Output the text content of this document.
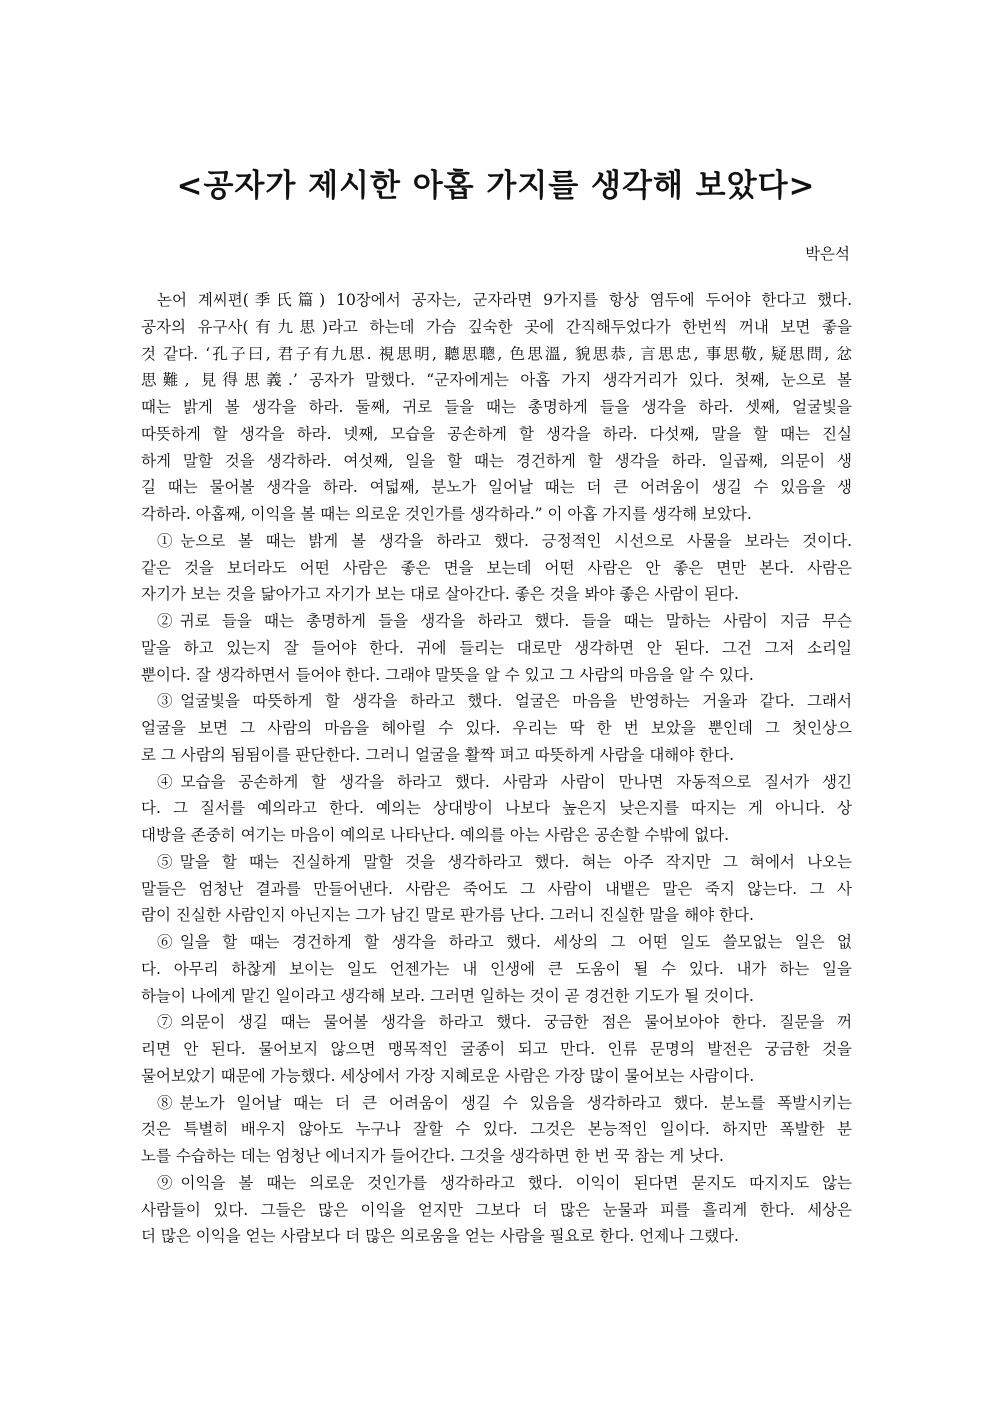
<공자가 제시한 아홉 가지를 생각해 보았다>
박은석
논어 계씨편(季氏篇) 10장에서 공자는, 군자라면 9가지를 항상 염두에 두어야 한다고 했다.
공자의 유구사(有九思)라고 하는데 가슴 깊숙한 곳에 간직해두었다가 한번씩 꺼내 보면 좋을
것 같다. ‘孔子曰, 君子有九思. 視思明, 聽思聰, 色思溫, 貌思恭, 言思忠, 事思敬, 疑思問, 忿
思難, 見得思義.’ 공자가 말했다. “군자에게는 아홉 가지 생각거리가 있다. 첫째, 눈으로 볼
때는 밝게 볼 생각을 하라. 둘째, 귀로 들을 때는 총명하게 들을 생각을 하라. 셋째, 얼굴빛을
따뜻하게 할 생각을 하라. 넷째, 모습을 공손하게 할 생각을 하라. 다섯째, 말을 할 때는 진실
하게 말할 것을 생각하라. 여섯째, 일을 할 때는 경건하게 할 생각을 하라. 일곱째, 의문이 생
길 때는 물어볼 생각을 하라. 여덟째, 분노가 일어날 때는 더 큰 어려움이 생길 수 있음을 생
각하라. 아홉째, 이익을 볼 때는 의로운 것인가를 생각하라.” 이 아홉 가지를 생각해 보았다.
①눈으로 볼 때는 밝게 볼 생각을 하라고 했다. 긍정적인 시선으로 사물을 보라는 것이다.
같은 것을 보더라도 어떤 사람은 좋은 면을 보는데 어떤 사람은 안 좋은 면만 본다. 사람은
자기가 보는 것을 닮아가고 자기가 보는 대로 살아간다. 좋은 것을 봐야 좋은 사람이 된다.
②귀로 들을 때는 총명하게 들을 생각을 하라고 했다. 들을 때는 말하는 사람이 지금 무슨
말을 하고 있는지 잘 들어야 한다. 귀에 들리는 대로만 생각하면 안 된다. 그건 그저 소리일
뿐이다. 잘 생각하면서 들어야 한다. 그래야 말뜻을 알 수 있고 그 사람의 마음을 알 수 있다.
③얼굴빛을 따뜻하게 할 생각을 하라고 했다. 얼굴은 마음을 반영하는 거울과 같다. 그래서
얼굴을 보면 그 사람의 마음을 헤아릴 수 있다. 우리는 딱 한 번 보았을 뿐인데 그 첫인상으
로 그 사람의 됨됨이를 판단한다. 그러니 얼굴을 활짝 펴고 따뜻하게 사람을 대해야 한다.
④모습을 공손하게 할 생각을 하라고 했다. 사람과 사람이 만나면 자동적으로 질서가 생긴
다. 그 질서를 예의라고 한다. 예의는 상대방이 나보다 높은지 낮은지를 따지는 게 아니다. 상
대방을 존중히 여기는 마음이 예의로 나타난다. 예의를 아는 사람은 공손할 수밖에 없다.
⑤말을 할 때는 진실하게 말할 것을 생각하라고 했다. 혀는 아주 작지만 그 혀에서 나오는
말들은 엄청난 결과를 만들어낸다. 사람은 죽어도 그 사람이 내뱉은 말은 죽지 않는다. 그 사
람이 진실한 사람인지 아닌지는 그가 남긴 말로 판가름 난다. 그러니 진실한 말을 해야 한다.
⑥일을 할 때는 경건하게 할 생각을 하라고 했다. 세상의 그 어떤 일도 쓸모없는 일은 없
다. 아무리 하찮게 보이는 일도 언젠가는 내 인생에 큰 도움이 될 수 있다. 내가 하는 일을
하늘이 나에게 맡긴 일이라고 생각해 보라. 그러면 일하는 것이 곧 경건한 기도가 될 것이다.
⑦의문이 생길 때는 물어볼 생각을 하라고 했다. 궁금한 점은 물어보아야 한다. 질문을 꺼
리면 안 된다. 물어보지 않으면 맹목적인 굴종이 되고 만다. 인류 문명의 발전은 궁금한 것을
물어보았기 때문에 가능했다. 세상에서 가장 지혜로운 사람은 가장 많이 물어보는 사람이다.
⑧분노가 일어날 때는 더 큰 어려움이 생길 수 있음을 생각하라고 했다. 분노를 폭발시키는
것은 특별히 배우지 않아도 누구나 잘할 수 있다. 그것은 본능적인 일이다. 하지만 폭발한 분
노를 수습하는 데는 엄청난 에너지가 들어간다. 그것을 생각하면 한 번 꾹 참는 게 낫다.
⑨이익을 볼 때는 의로운 것인가를 생각하라고 했다. 이익이 된다면 묻지도 따지지도 않는
사람들이 있다. 그들은 많은 이익을 얻지만 그보다 더 많은 눈물과 피를 흘리게 한다. 세상은
더 많은 이익을 얻는 사람보다 더 많은 의로움을 얻는 사람을 필요로 한다. 언제나 그랬다.
